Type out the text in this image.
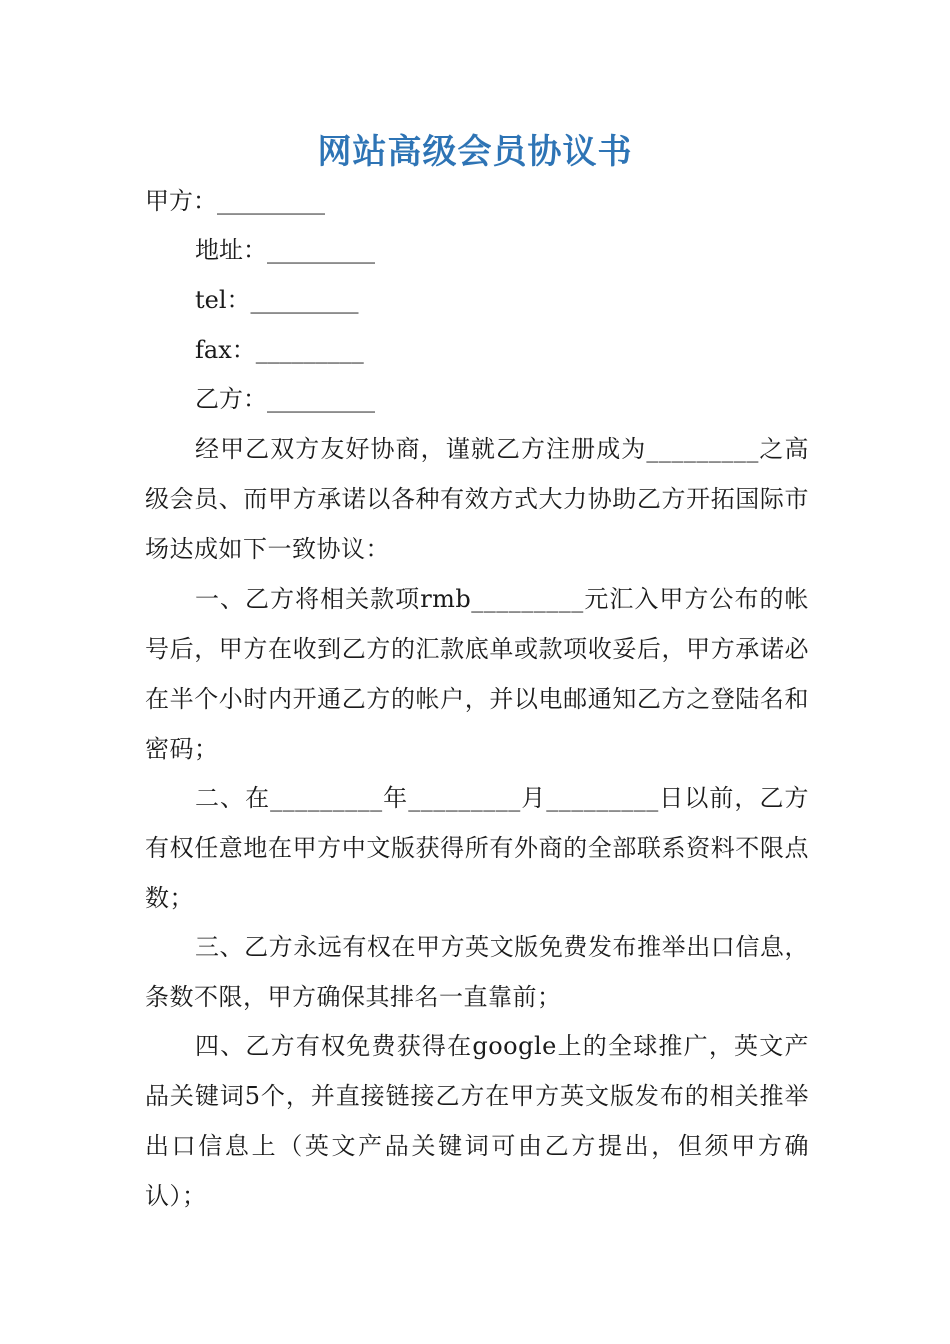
网站高级会员协议书
甲方：_________
地址：_________
tel：_________
fax：_________
乙方：_________
经甲乙双方友好协商，谨就乙方注册成为_________之高级会员、而甲方承诺以各种有效方式大力协助乙方开拓国际市场达成如下一致协议：
一、乙方将相关款项rmb_________元汇入甲方公布的帐号后，甲方在收到乙方的汇款底单或款项收妥后，甲方承诺必在半个小时内开通乙方的帐户，并以电邮通知乙方之登陆名和密码；
二、在_________年_________月_________日以前，乙方有权任意地在甲方中文版获得所有外商的全部联系资料不限点数；
三、乙方永远有权在甲方英文版免费发布推举出口信息，条数不限，甲方确保其排名一直靠前；
四、乙方有权免费获得在google上的全球推广，英文产品关键词5个，并直接链接乙方在甲方英文版发布的相关推举出口信息上（英文产品关键词可由乙方提出，但须甲方确认）；
